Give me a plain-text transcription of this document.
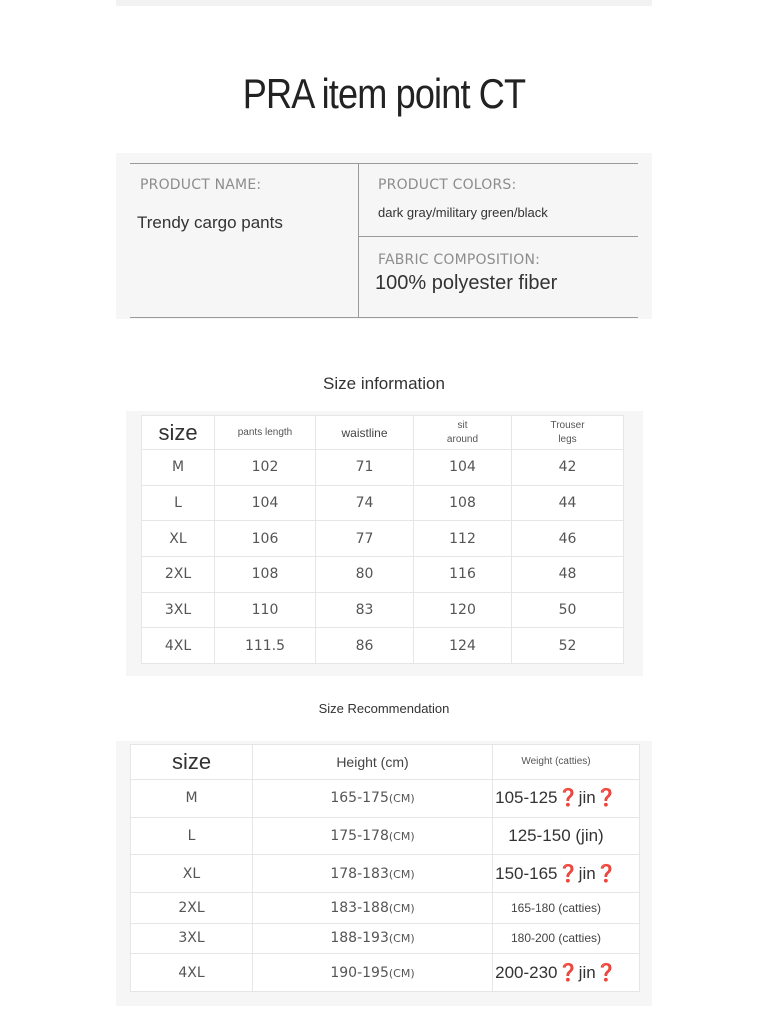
PRA item point CT
PRODUCT NAME:
Trendy cargo pants
PRODUCT COLORS:
dark gray/military green/black
FABRIC COMPOSITION:
100% polyester fiber
Size information
size	pants length	waistline	sit around	Trouser legs
M	102	71	104	42
L	104	74	108	44
XL	106	77	112	46
2XL	108	80	116	48
3XL	110	83	120	50
4XL	111.5	86	124	52
Size Recommendation
size	Height (cm)	Weight (catties)
M	165-175(CM)	105-125❓jin❓
L	175-178(CM)	125-150 (jin)
XL	178-183(CM)	150-165❓jin❓
2XL	183-188(CM)	165-180 (catties)
3XL	188-193(CM)	180-200 (catties)
4XL	190-195(CM)	200-230❓jin❓
